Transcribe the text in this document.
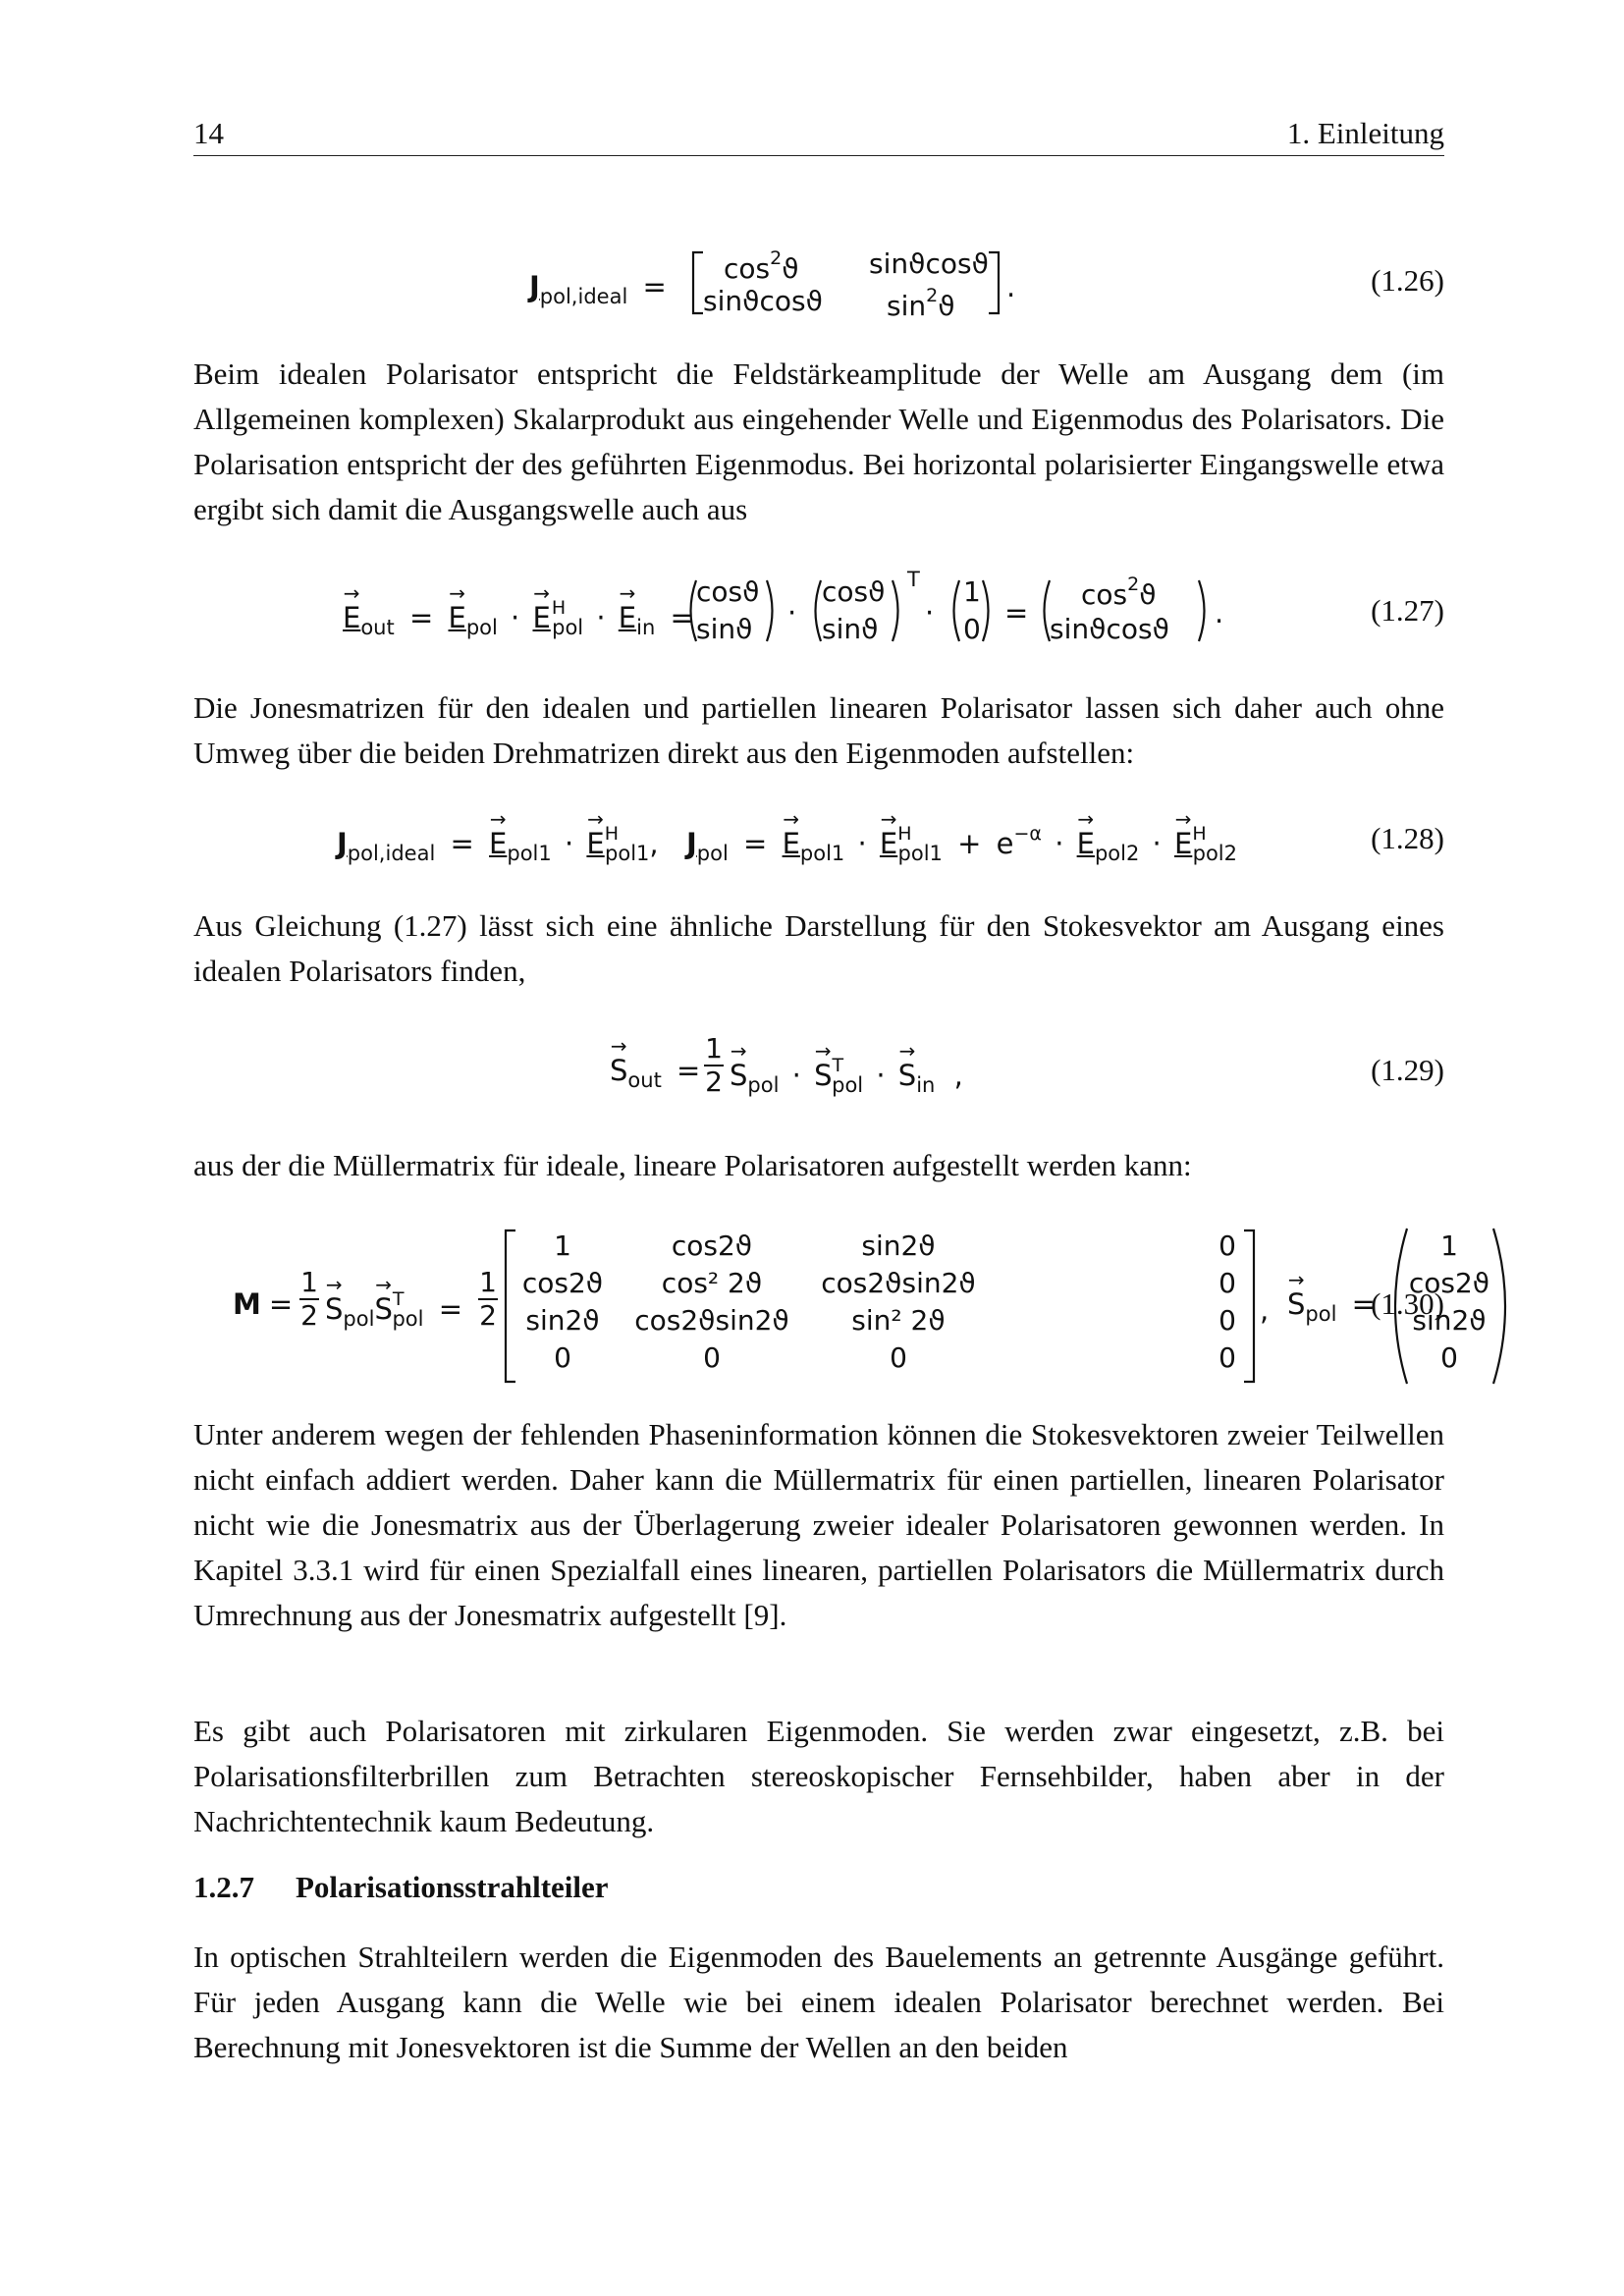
14	1. Einleitung
$J_{pol,ideal}$ =
$\cos^2ϑ$	sinϑcosϑ
sinϑcosϑ $\sin^2ϑ$
.	(1.26)

Beim idealen Polarisator entspricht die Feldstärkeamplitude der Welle am Ausgang dem (im Allgemeinen komplexen) Skalarprodukt aus eingehender Welle und Eigenmodus des Polarisators. Die Polarisation entspricht der des geführten Eigenmodus. Bei horizontal polarisierter Eingangswelle etwa ergibt sich damit die Ausgangswelle auch aus

→ $E_{out}$ = → $E_{pol}$ · → $E^H_{pol}$ · → $E_{in}$ =
cosϑ
sinϑ ·
cosϑ
sinϑ
T
·
1
0 =
$\cos^2ϑ$
sinϑcosϑ .	(1.27)

Die Jonesmatrizen für den idealen und partiellen linearen Polarisator lassen sich daher auch ohne Umweg über die beiden Drehmatrizen direkt aus den Eigenmoden aufstellen:

$J_{pol,ideal}$ = → $E_{pol1}$ · → $E^H_{pol1}$, $J_{pol}$ = → $E_{pol1}$ · → $E^H_{pol1} + e^{-\alpha}$ · → $E_{pol2}$ · → $E^H_{pol2}$	(1.28)

Aus Gleichung (1.27) lässt sich eine ähnliche Darstellung für den Stokesvektor am Ausgang eines idealen Polarisators finden,

→ $S_{out}$ =
1
2
→ $S_{pol}$ · → $S^T_{pol}$ · → $S_{in}$ ,	(1.29)

aus der die Müllermatrix für ideale, lineare Polarisatoren aufgestellt werden kann:

M =
1
2
→ $S_{pol}\to S^T_{pol}$ =
1
2
1	cos2ϑ	sin2ϑ	0
cos2ϑ	cos² 2ϑ	cos2ϑsin2ϑ	0
sin2ϑ	cos2ϑsin2ϑ	sin² 2ϑ	0
0	0	0	0
,
→ $S_{pol}$ =
1
cos2ϑ
sin2ϑ
0
(1.30)

Unter anderem wegen der fehlenden Phaseninformation können die Stokesvektoren zweier Teilwellen nicht einfach addiert werden. Daher kann die Müllermatrix für einen partiellen, linearen Polarisator nicht wie die Jonesmatrix aus der Überlagerung zweier idealer Polarisatoren gewonnen werden. In Kapitel 3.3.1 wird für einen Spezialfall eines linearen, partiellen Polarisators die Müllermatrix durch Umrechnung aus der Jonesmatrix aufgestellt [9].

Es gibt auch Polarisatoren mit zirkularen Eigenmoden. Sie werden zwar eingesetzt, z.B. bei Polarisationsfilterbrillen zum Betrachten stereoskopischer Fernsehbilder, haben aber in der Nachrichtentechnik kaum Bedeutung.

1.2.7 Polarisationsstrahlteiler

In optischen Strahlteilern werden die Eigenmoden des Bauelements an getrennte Ausgänge geführt. Für jeden Ausgang kann die Welle wie bei einem idealen Polarisator berechnet werden. Bei Berechnung mit Jonesvektoren ist die Summe der Wellen an den beiden
